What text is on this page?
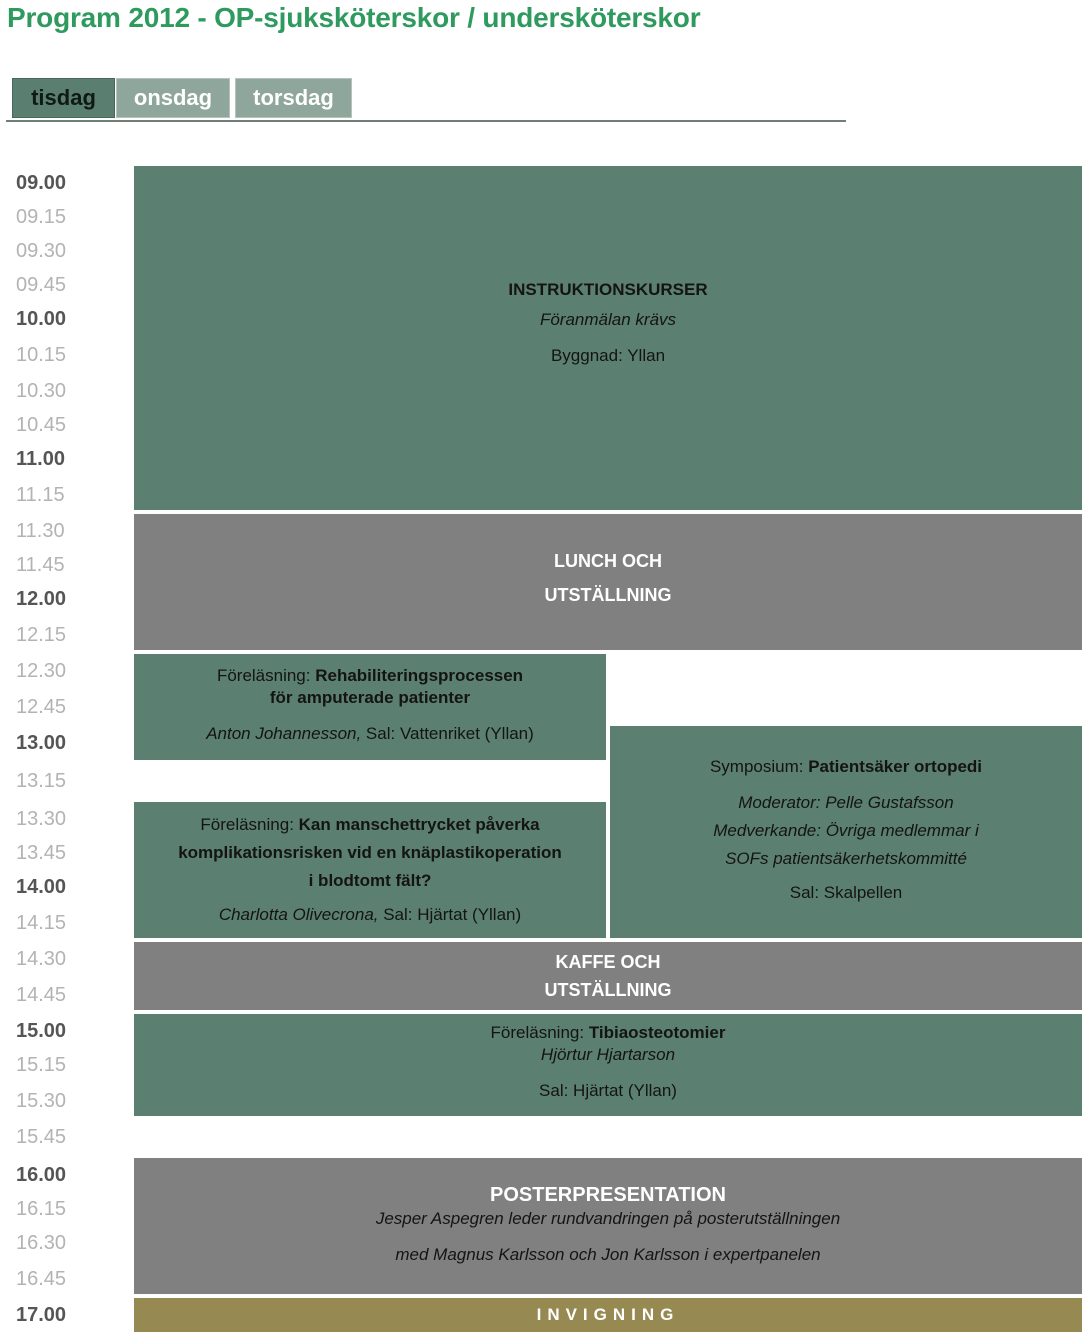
Program 2012 - OP-sjuksköterskor / undersköterskor
tisdag	onsdag	torsdag
09.00
09.15
09.30
09.45
10.00
10.15
10.30
10.45
11.00
11.15
11.30
11.45
12.00
12.15
12.30
12.45
13.00
13.15
13.30
13.45
14.00
14.15
14.30
14.45
15.00
15.15
15.30
15.45
16.00
16.15
16.30
16.45
17.00
INSTRUKTIONSKURSER
Föranmälan krävs
Byggnad: Yllan
LUNCH OCH
UTSTÄLLNING
Föreläsning: Rehabiliteringsprocessen
för amputerade patienter
Anton Johannesson, Sal: Vattenriket (Yllan)
Symposium: Patientsäker ortopedi
Moderator: Pelle Gustafsson
Medverkande: Övriga medlemmar i
SOFs patientsäkerhetskommitté
Sal: Skalpellen
Föreläsning: Kan manschettrycket påverka
komplikationsrisken vid en knäplastikoperation
i blodtomt fält?
Charlotta Olivecrona, Sal: Hjärtat (Yllan)
KAFFE OCH
UTSTÄLLNING
Föreläsning: Tibiaosteotomier
Hjörtur Hjartarson
Sal: Hjärtat (Yllan)
POSTERPRESENTATION
Jesper Aspegren leder rundvandringen på posterutställningen
med Magnus Karlsson och Jon Karlsson i expertpanelen
INVIGNING
